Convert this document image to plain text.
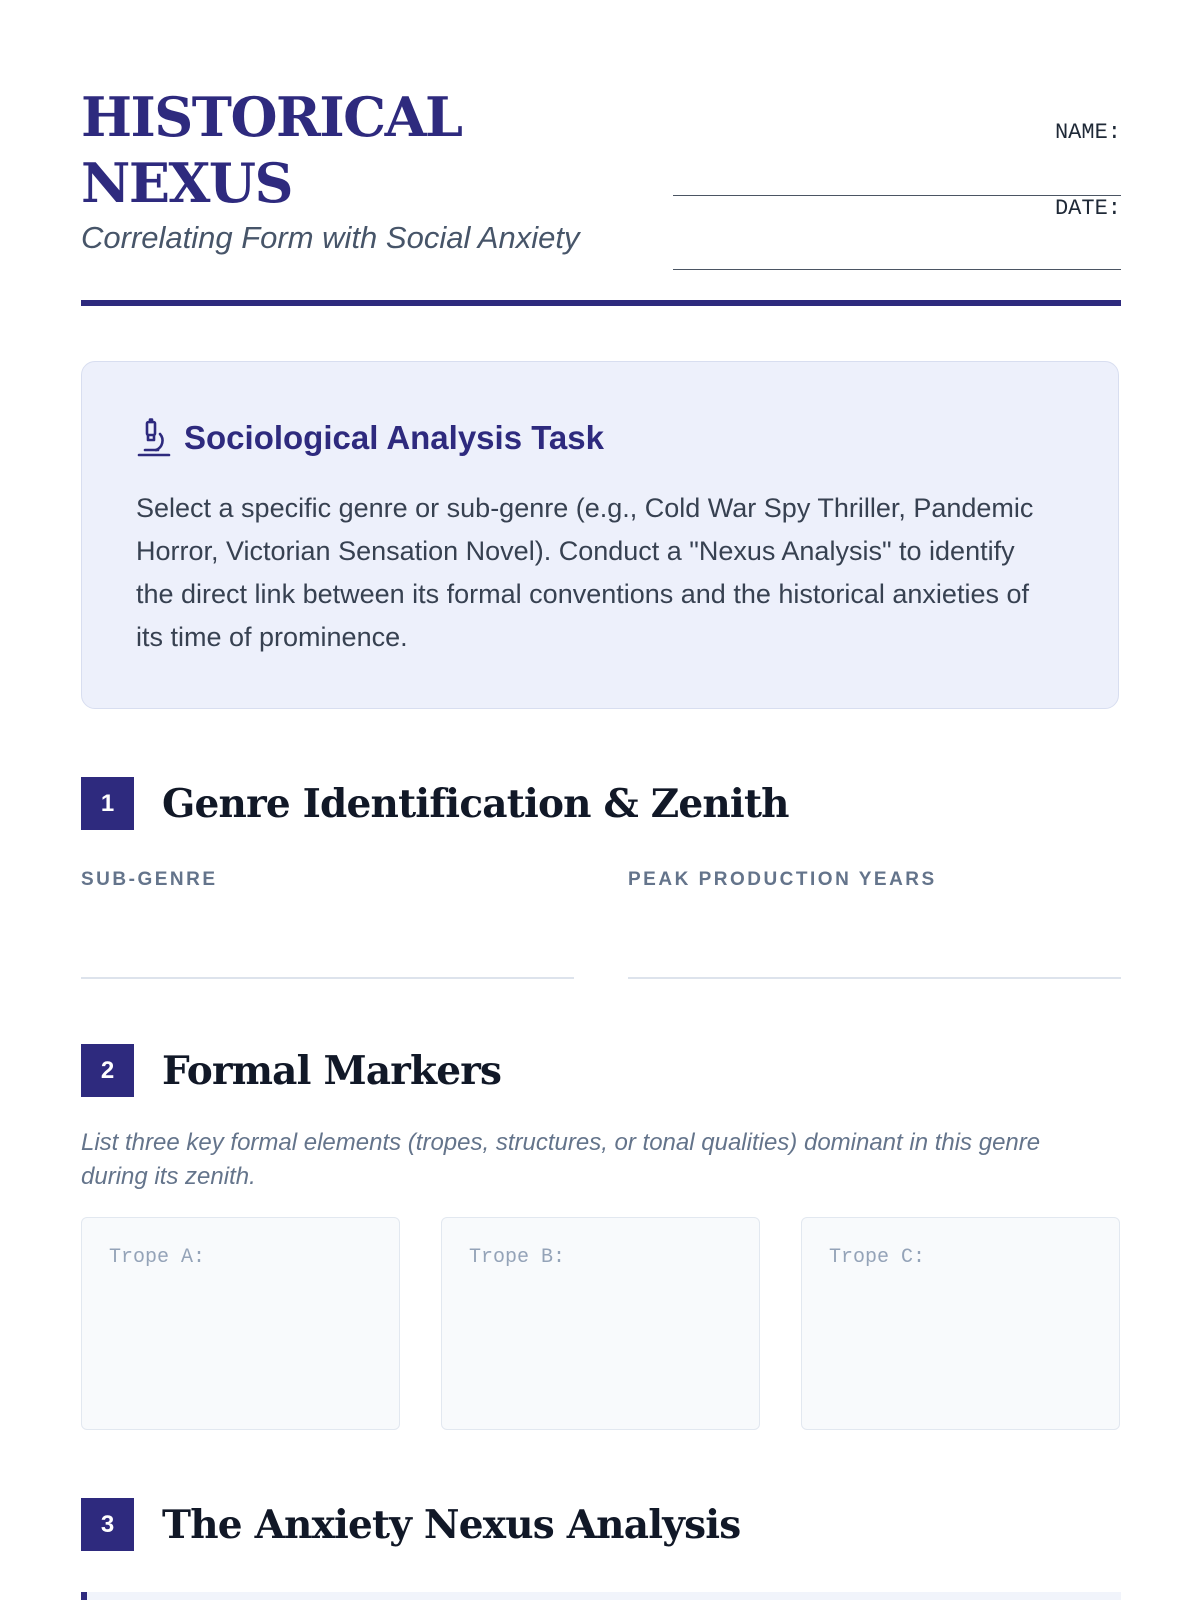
HISTORICAL
NEXUS
Correlating Form with Social Anxiety
NAME:
DATE:
Sociological Analysis Task
Select a specific genre or sub-genre (e.g., Cold War Spy Thriller, Pandemic Horror, Victorian Sensation Novel). Conduct a "Nexus Analysis" to identify the direct link between its formal conventions and the historical anxieties of its time of prominence.
1	Genre Identification & Zenith
SUB-GENRE	PEAK PRODUCTION YEARS
2	Formal Markers
List three key formal elements (tropes, structures, or tonal qualities) dominant in this genre during its zenith.
Trope A:	Trope B:	Trope C:
3	The Anxiety Nexus Analysis
